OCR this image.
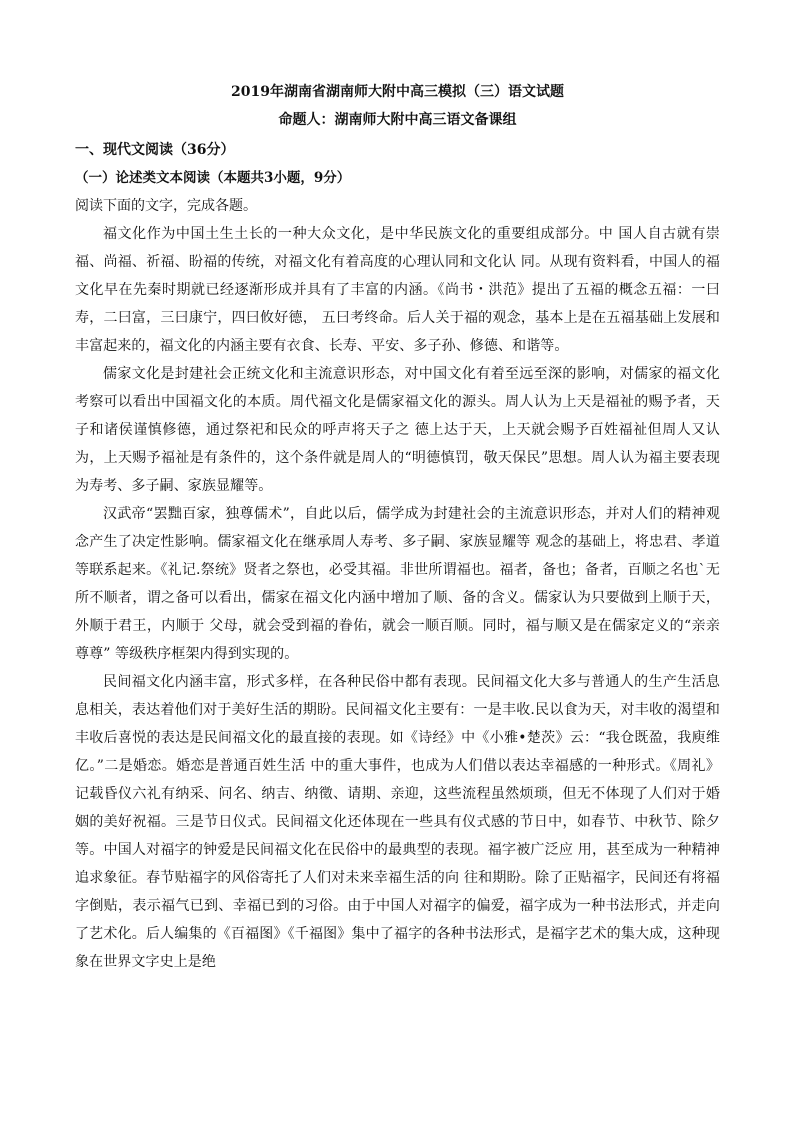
2019年湖南省湖南师大附中高三模拟（三）语文试题

命题人：湖南师大附中高三语文备课组

一、现代文阅读（36分）

（一）论述类文本阅读（本题共3小题，9分）

阅读下面的文字，完成各题。

福文化作为中国土生土长的一种大众文化，是中华民族文化的重要组成部分。中 国人自古就有崇福、尚福、祈福、盼福的传统，对福文化有着高度的心理认同和文化认 同。从现有资料看，中国人的福文化早在先秦时期就已经逐渐形成并具有了丰富的内涵。《尚书・洪范》提出了五福的概念五福：一曰寿，二曰富，三曰康宁，四曰攸好德， 五曰考终命。后人关于福的观念，基本上是在五福基础上发展和丰富起来的，福文化的内涵主要有衣食、长寿、平安、多子孙、修德、和谐等。

儒家文化是封建社会正统文化和主流意识形态，对中国文化有着至远至深的影响，对儒家的福文化考察可以看出中国福文化的本质。周代福文化是儒家福文化的源头。周人认为上天是福祉的赐予者，天子和诸侯谨慎修德，通过祭祀和民众的呼声将天子之 德上达于天，上天就会赐予百姓福祉但周人又认为，上天赐予福祉是有条件的，这个条件就是周人的“明德慎罚，敬天保民”思想。周人认为福主要表现为寿考、多子嗣、家族显耀等。

汉武帝“罢黜百家，独尊儒术”，自此以后，儒学成为封建社会的主流意识形态，并对人们的精神观念产生了决定性影响。儒家福文化在继承周人寿考、多子嗣、家族显耀等 观念的基础上，将忠君、孝道等联系起来。《礼记.祭统》贤者之祭也，必受其福。非世所谓福也。福者，备也；备者，百顺之名也`无所不顺者，谓之备可以看出，儒家在福文化内涵中增加了顺、备的含义。儒家认为只要做到上顺于天，外顺于君王，内顺于 父母，就会受到福的眷佑，就会一顺百顺。同时，福与顺又是在儒家定义的“亲亲尊尊” 等级秩序框架内得到实现的。

民间福文化内涵丰富，形式多样，在各种民俗中都有表现。民间福文化大多与普通人的生产生活息息相关，表达着他们对于美好生活的期盼。民间福文化主要有：一是丰收.民以食为天，对丰收的渴望和丰收后喜悦的表达是民间福文化的最直接的表现。如《诗经》中《小雅•楚茨》云：“我仓既盈，我庾维亿。”二是婚恋。婚恋是普通百姓生活 中的重大事件，也成为人们借以表达幸福感的一种形式。《周礼》记载昏仪六礼有纳采、问名、纳吉、纳徵、请期、亲迎，这些流程虽然烦琐，但无不体现了人们对于婚姻的美好祝福。三是节日仪式。民间福文化还体现在一些具有仪式感的节日中，如春节、中秋节、除夕等。中国人对福字的钟爱是民间福文化在民俗中的最典型的表现。福字被广泛应 用，甚至成为一种精神追求象征。春节贴福字的风俗寄托了人们对未来幸福生活的向 往和期盼。除了正贴福字，民间还有将福字倒贴，表示福气已到、幸福已到的习俗。由于中国人对福字的偏爱，福字成为一种书法形式，并走向了艺术化。后人编集的《百福图》《千福图》集中了福字的各种书法形式，是福字艺术的集大成，这种现象在世界文字史上是绝
